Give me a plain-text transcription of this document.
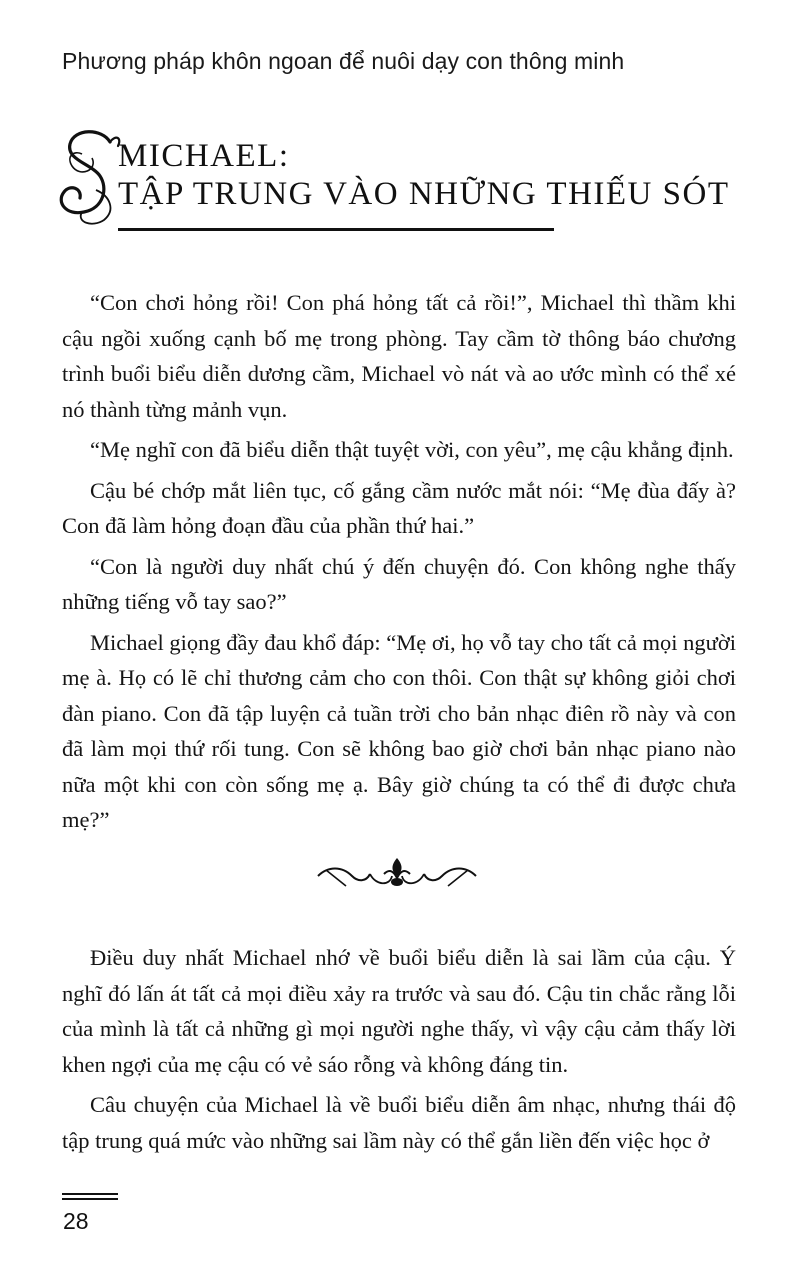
Phương pháp khôn ngoan để nuôi dạy con thông minh
MICHAEL:
TẬP TRUNG VÀO NHỮNG THIẾU SÓT

“Con chơi hỏng rồi! Con phá hỏng tất cả rồi!”, Michael thì thầm khi cậu ngồi xuống cạnh bố mẹ trong phòng. Tay cầm tờ thông báo chương trình buổi biểu diễn dương cầm, Michael vò nát và ao ước mình có thể xé nó thành từng mảnh vụn.

“Mẹ nghĩ con đã biểu diễn thật tuyệt vời, con yêu”, mẹ cậu khẳng định.

Cậu bé chớp mắt liên tục, cố gắng cầm nước mắt nói: “Mẹ đùa đấy à? Con đã làm hỏng đoạn đầu của phần thứ hai.”

“Con là người duy nhất chú ý đến chuyện đó. Con không nghe thấy những tiếng vỗ tay sao?”

Michael giọng đầy đau khổ đáp: “Mẹ ơi, họ vỗ tay cho tất cả mọi người mẹ à. Họ có lẽ chỉ thương cảm cho con thôi. Con thật sự không giỏi chơi đàn piano. Con đã tập luyện cả tuần trời cho bản nhạc điên rồ này và con đã làm mọi thứ rối tung. Con sẽ không bao giờ chơi bản nhạc piano nào nữa một khi con còn sống mẹ ạ. Bây giờ chúng ta có thể đi được chưa mẹ?”

Điều duy nhất Michael nhớ về buổi biểu diễn là sai lầm của cậu. Ý nghĩ đó lấn át tất cả mọi điều xảy ra trước và sau đó. Cậu tin chắc rằng lỗi của mình là tất cả những gì mọi người nghe thấy, vì vậy cậu cảm thấy lời khen ngợi của mẹ cậu có vẻ sáo rỗng và không đáng tin.

Câu chuyện của Michael là về buổi biểu diễn âm nhạc, nhưng thái độ tập trung quá mức vào những sai lầm này có thể gắn liền đến việc học ở

28
